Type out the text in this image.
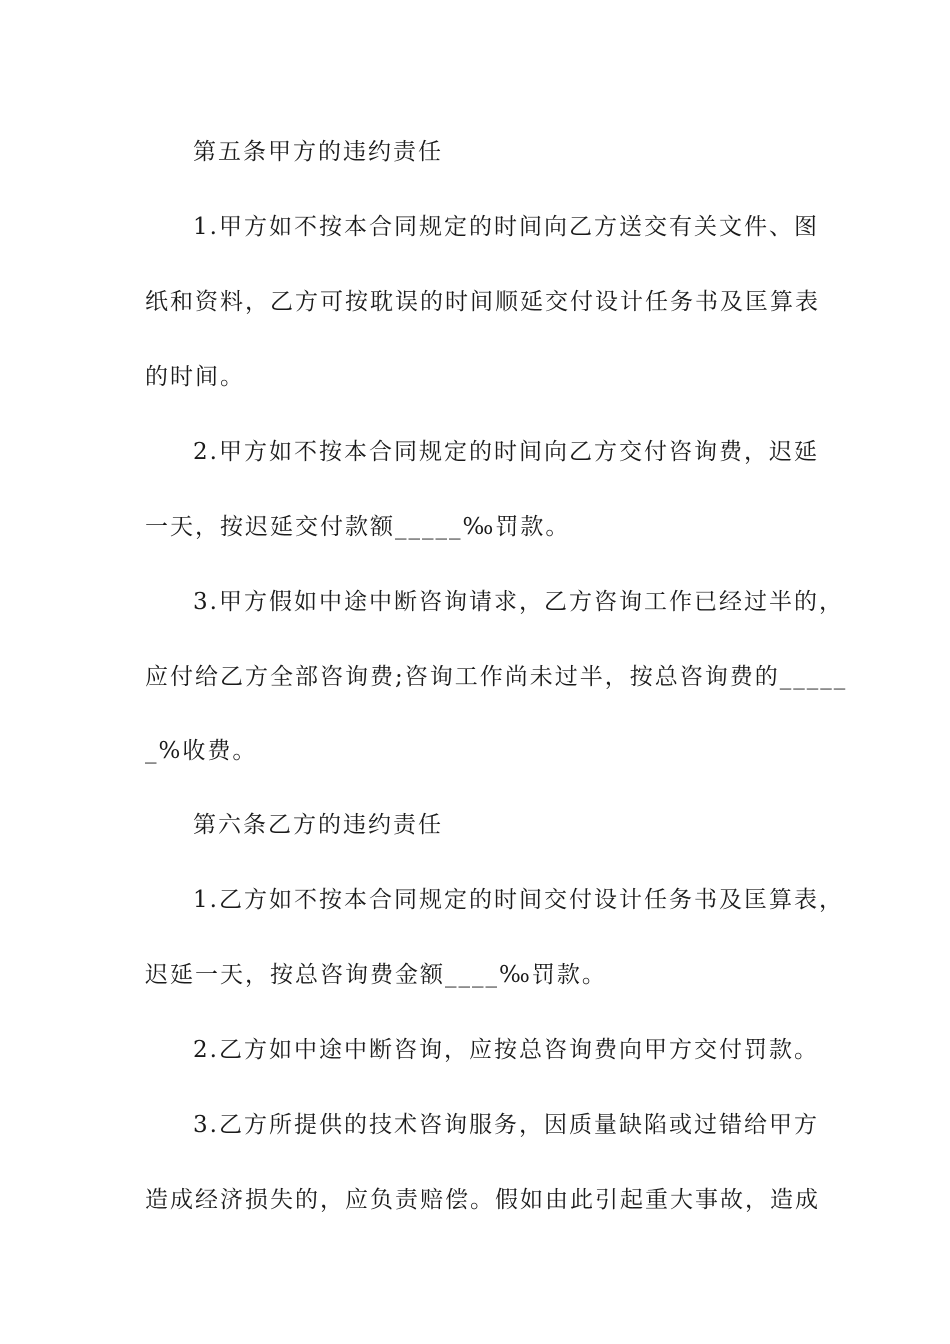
第五条甲方的违约责任
1.甲方如不按本合同规定的时间向乙方送交有关文件、图
纸和资料，乙方可按耽误的时间顺延交付设计任务书及匡算表
的时间。
2.甲方如不按本合同规定的时间向乙方交付咨询费，迟延
一天，按迟延交付款额_____‰罚款。
3.甲方假如中途中断咨询请求，乙方咨询工作已经过半的，
应付给乙方全部咨询费;咨询工作尚未过半，按总咨询费的_____
_%收费。
第六条乙方的违约责任
1.乙方如不按本合同规定的时间交付设计任务书及匡算表，
迟延一天，按总咨询费金额____‰罚款。
2.乙方如中途中断咨询，应按总咨询费向甲方交付罚款。
3.乙方所提供的技术咨询服务，因质量缺陷或过错给甲方
造成经济损失的，应负责赔偿。假如由此引起重大事故，造成
